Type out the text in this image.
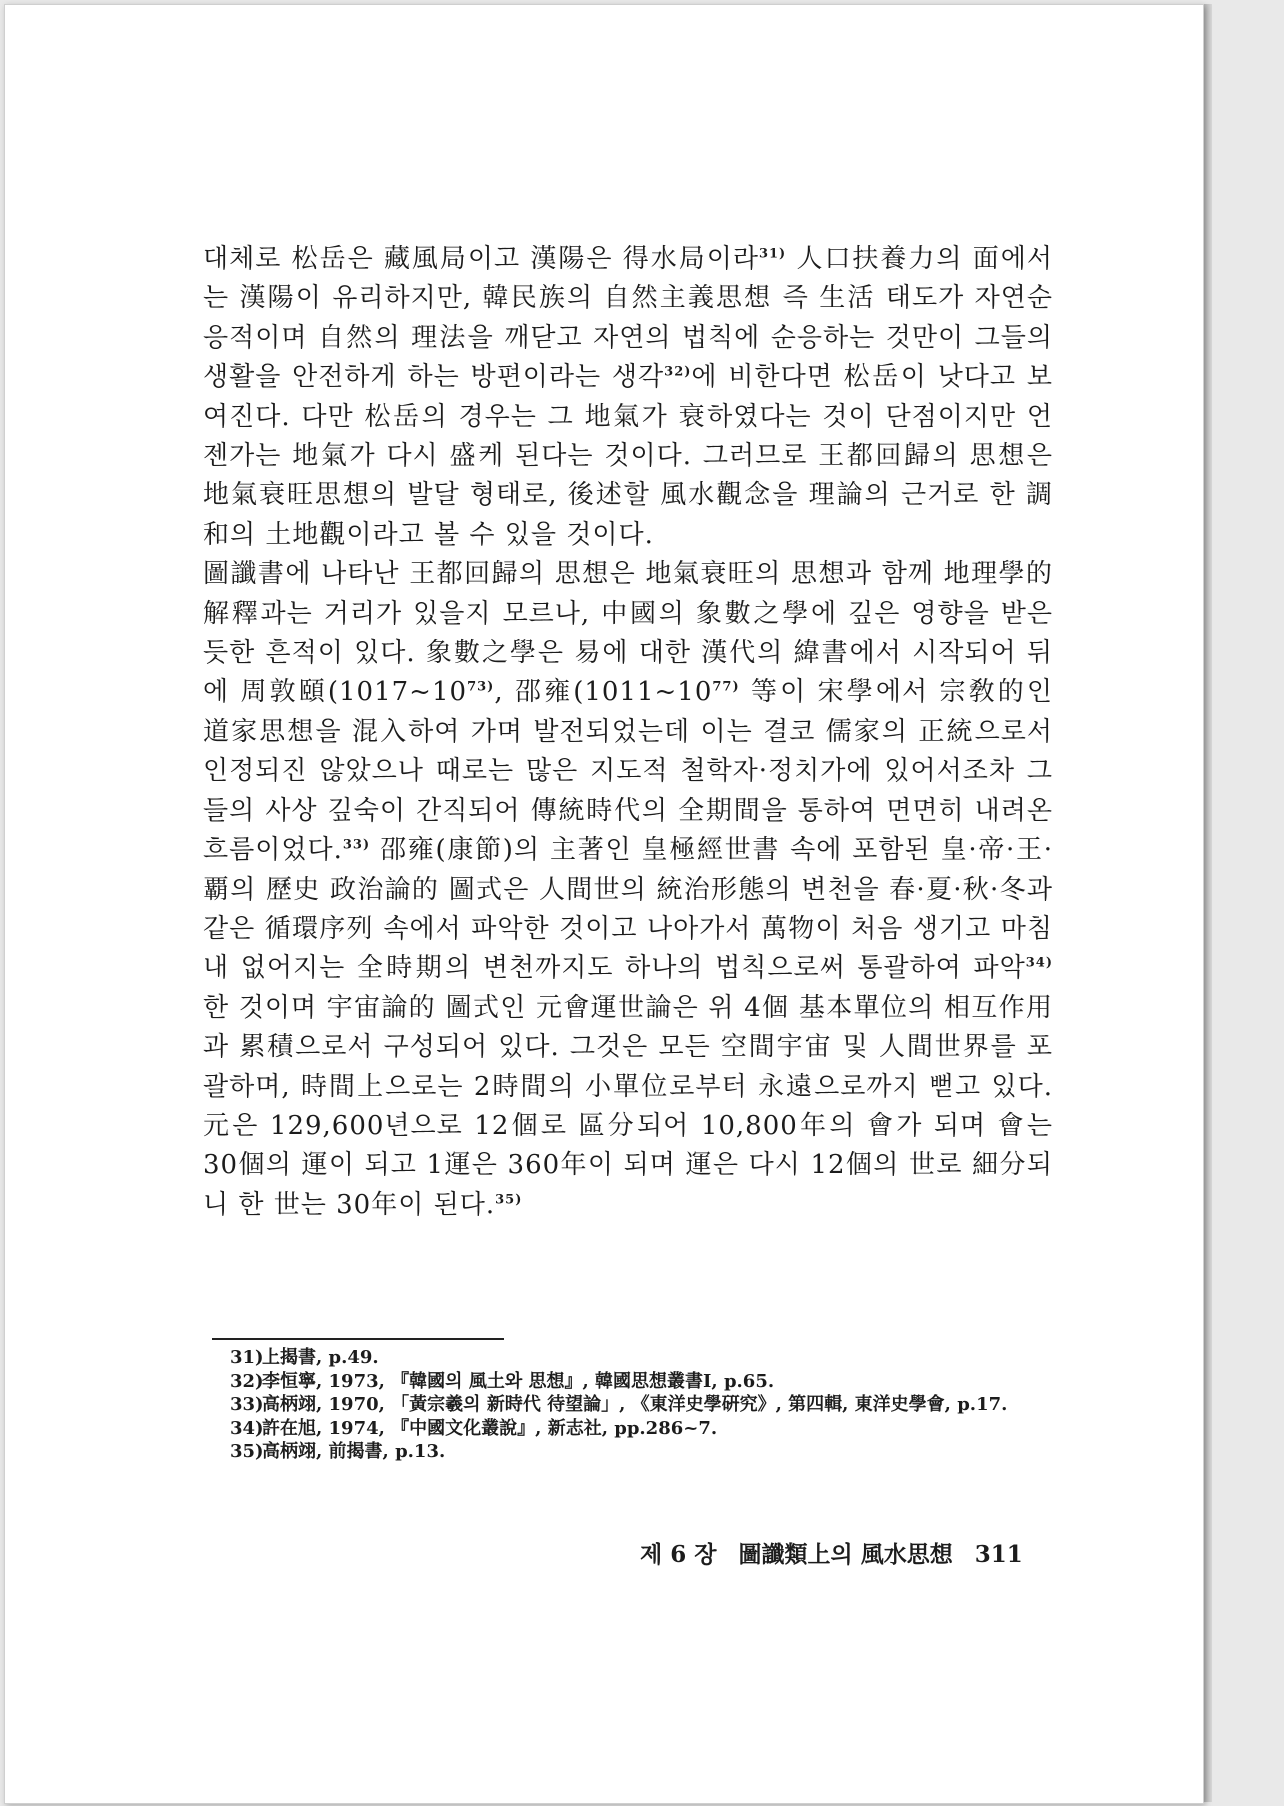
대체로 松岳은 藏風局이고 漢陽은 得水局이라$^{31)}$ 人口扶養力의 面에서는 漢陽이 유리하지만, 韓民族의 自然主義思想 즉 生活 태도가 자연순응적이며 自然의 理法을 깨닫고 자연의 법칙에 순응하는 것만이 그들의 생활을 안전하게 하는 방편이라는 생각$^{32)}$에 비한다면 松岳이 낫다고 보여진다. 다만 松岳의 경우는 그 地氣가 衰하였다는 것이 단점이지만 언젠가는 地氣가 다시 盛케 된다는 것이다. 그러므로 王都回歸의 思想은 地氣衰旺思想의 발달 형태로, 後述할 風水觀念을 理論의 근거로 한 調和의 土地觀이라고 볼 수 있을 것이다.

圖讖書에 나타난 王都回歸의 思想은 地氣衰旺의 思想과 함께 地理學的 解釋과는 거리가 있을지 모르나, 中國의 象數之學에 깊은 영향을 받은 듯한 흔적이 있다. 象數之學은 易에 대한 漢代의 緯書에서 시작되어 뒤에 周敦頤(1017~10$^{73)}$, 邵雍(1011~10$^{77)}$ 等이 宋學에서 宗敎的인 道家思想을 混入하여 가며 발전되었는데 이는 결코 儒家의 正統으로서 인정되진 않았으나 때로는 많은 지도적 철학자·정치가에 있어서조차 그들의 사상 깊숙이 간직되어 傳統時代의 全期間을 통하여 면면히 내려온 흐름이었다.$^{33)}$ 邵雍(康節)의 主著인 皇極經世書 속에 포함된 皇·帝·王·覇의 歷史 政治論的 圖式은 人間世의 統治形態의 변천을 春·夏·秋·冬과 같은 循環序列 속에서 파악한 것이고 나아가서 萬物이 처음 생기고 마침내 없어지는 全時期의 변천까지도 하나의 법칙으로써 통괄하여 파악$^{34)}$한 것이며 宇宙論的 圖式인 元會運世論은 위 4個 基本單位의 相互作用과 累積으로서 구성되어 있다. 그것은 모든 空間宇宙 및 人間世界를 포괄하며, 時間上으로는 2時間의 小單位로부터 永遠으로까지 뻗고 있다. 元은 129,600년으로 12個로 區分되어 10,800年의 會가 되며 會는 30個의 運이 되고 1運은 360年이 되며 運은 다시 12個의 世로 細分되니 한 世는 30年이 된다.$^{35)}$

31)
上揭書, p.49.
32)
李恒寧, 1973, 『韓國의 風土와 思想』, 韓國思想叢書Ⅰ, p.65.
33)
高柄翊, 1970, 「黃宗羲의 新時代 待望論」, 《東洋史學硏究》, 第四輯, 東洋史學會, p.17.
34)
許在旭, 1974, 『中國文化叢說』, 新志社, pp.286~7.
35)
高柄翊, 前揭書, p.13.
제 6 장 圖讖類上의 風水思想 311
